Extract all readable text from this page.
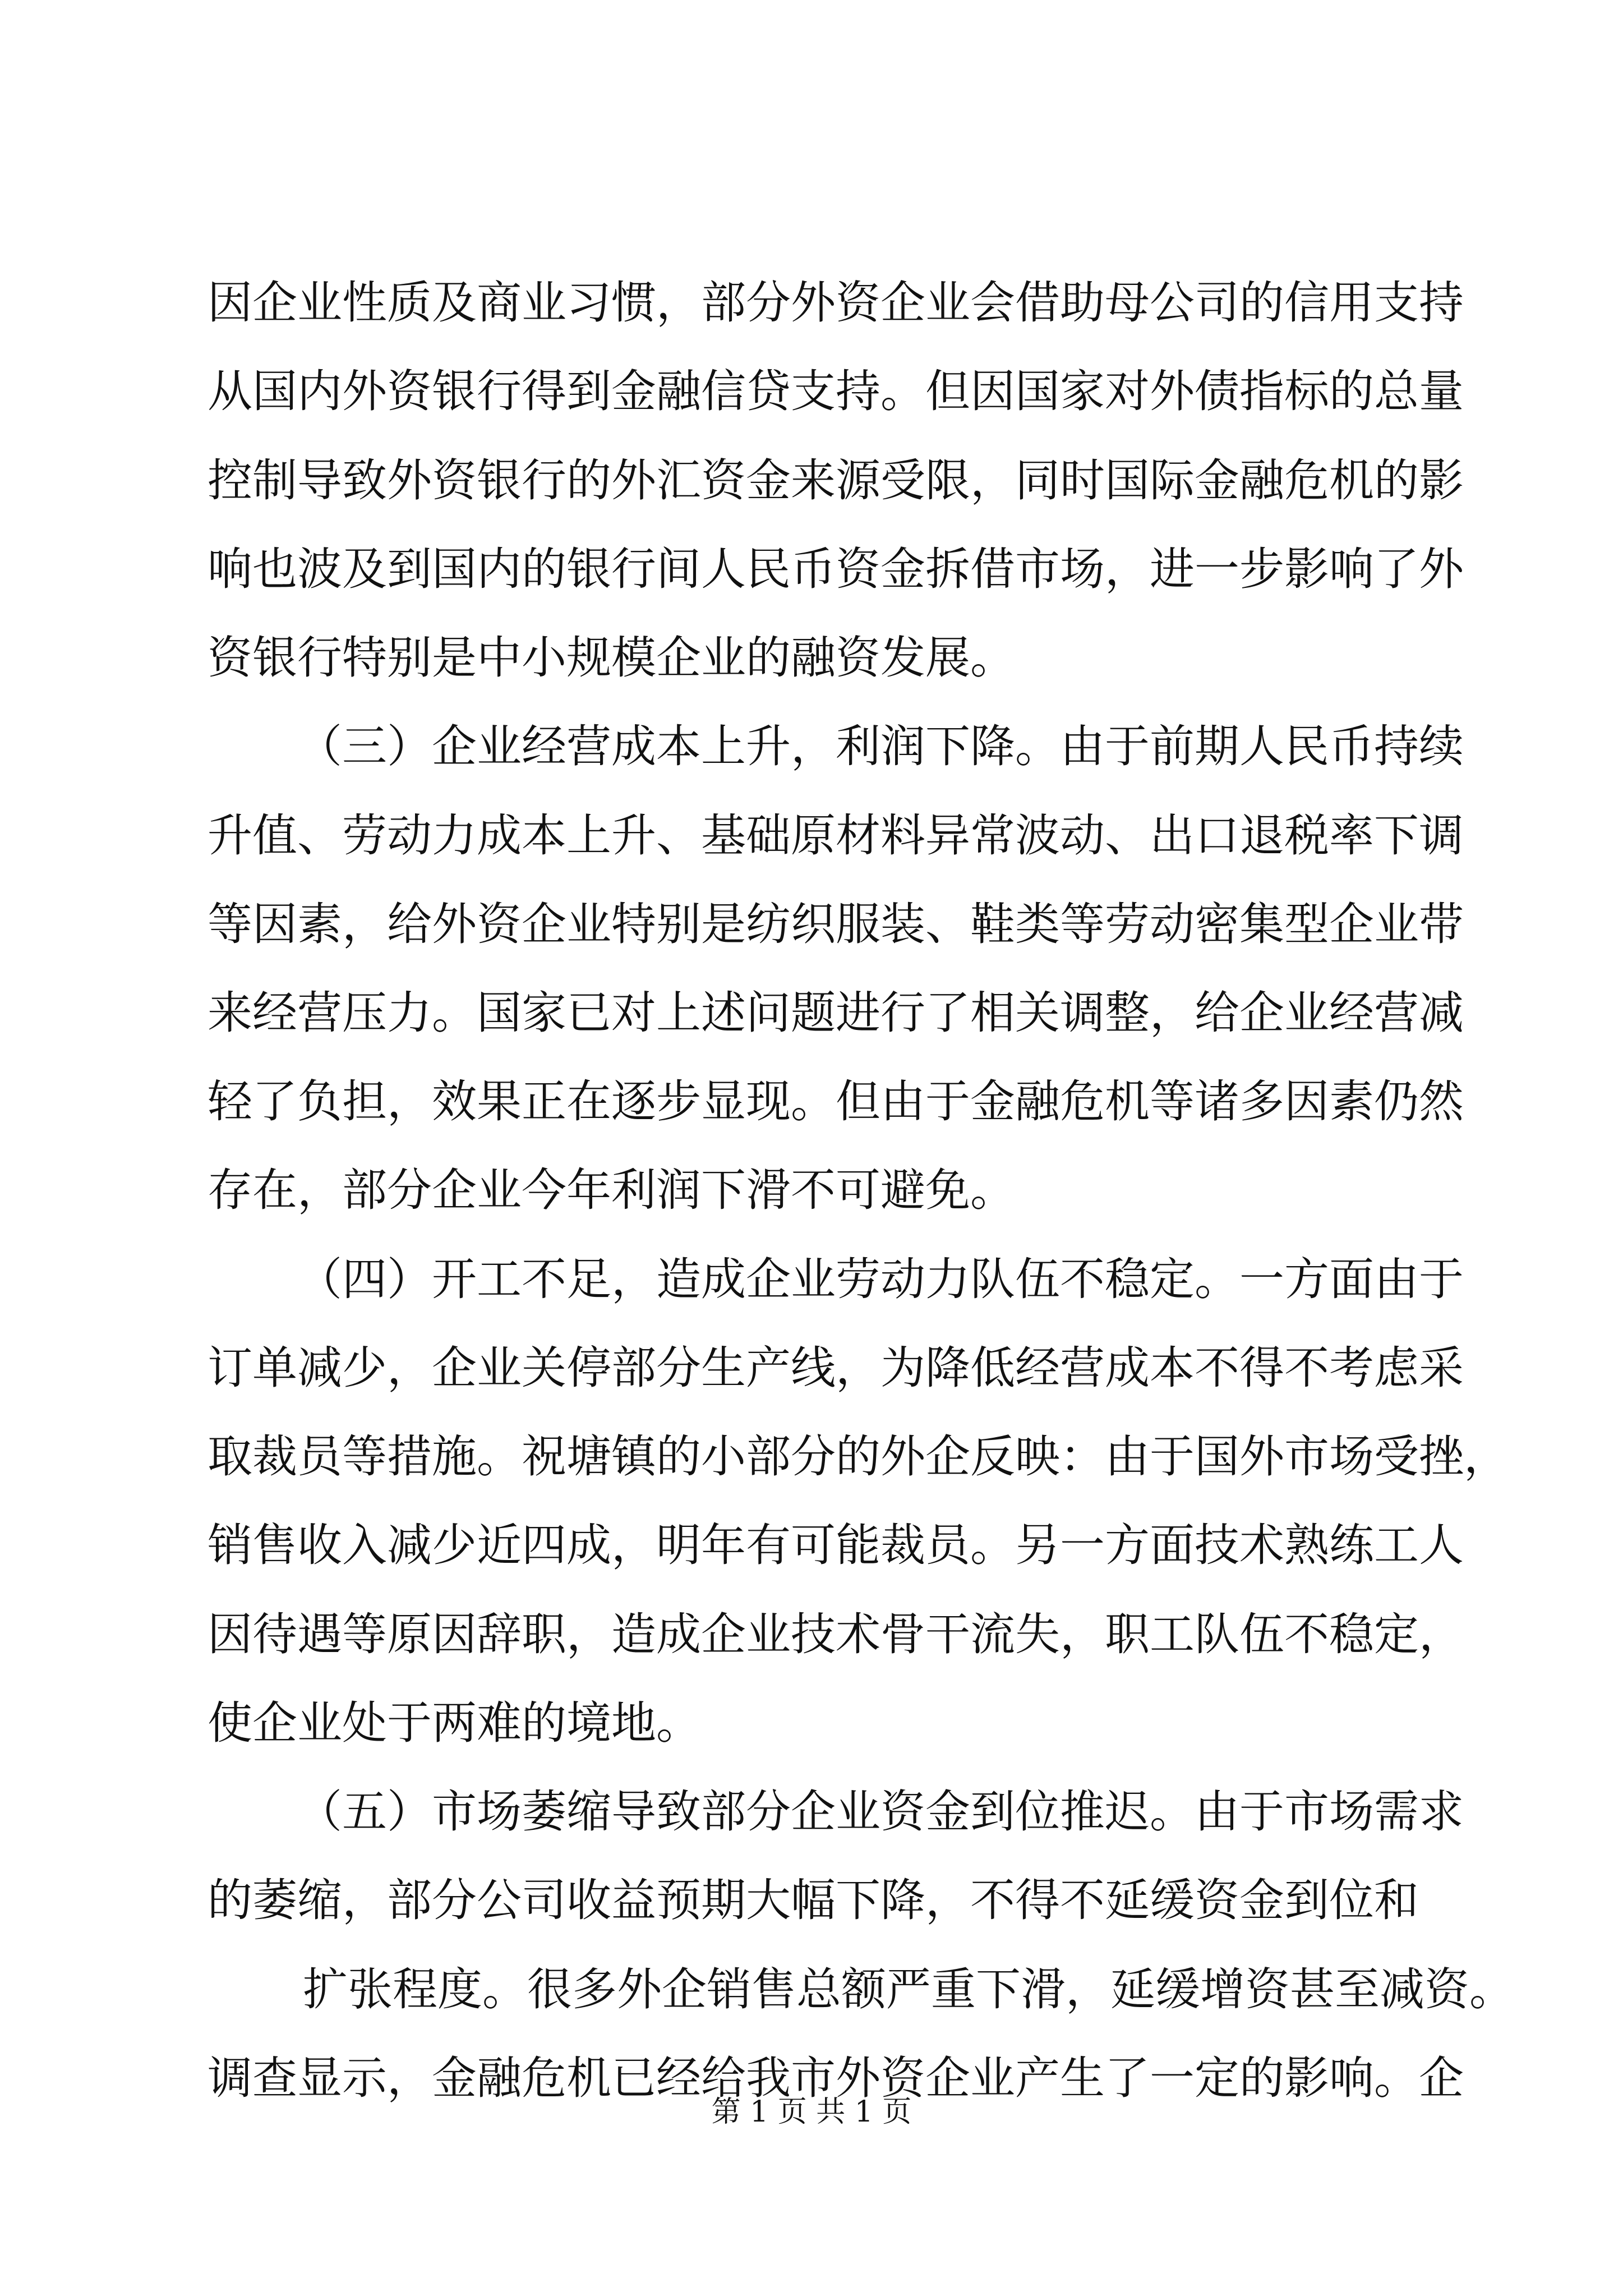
因企业性质及商业习惯，部分外资企业会借助母公司的信用支持
从国内外资银行得到金融信贷支持。但因国家对外债指标的总量
控制导致外资银行的外汇资金来源受限，同时国际金融危机的影
响也波及到国内的银行间人民币资金拆借市场，进一步影响了外
资银行特别是中小规模企业的融资发展。
（三）企业经营成本上升，利润下降。由于前期人民币持续
升值、劳动力成本上升、基础原材料异常波动、出口退税率下调
等因素，给外资企业特别是纺织服装、鞋类等劳动密集型企业带
来经营压力。国家已对上述问题进行了相关调整，给企业经营减
轻了负担，效果正在逐步显现。但由于金融危机等诸多因素仍然
存在，部分企业今年利润下滑不可避免。
（四）开工不足，造成企业劳动力队伍不稳定。一方面由于
订单减少，企业关停部分生产线，为降低经营成本不得不考虑采
取裁员等措施。祝塘镇的小部分的外企反映：由于国外市场受挫，
销售收入减少近四成，明年有可能裁员。另一方面技术熟练工人
因待遇等原因辞职，造成企业技术骨干流失，职工队伍不稳定，
使企业处于两难的境地。
（五）市场萎缩导致部分企业资金到位推迟。由于市场需求
的萎缩，部分公司收益预期大幅下降，不得不延缓资金到位和
扩张程度。很多外企销售总额严重下滑，延缓增资甚至减资。
调查显示，金融危机已经给我市外资企业产生了一定的影响。企
第 1 页 共 1 页
